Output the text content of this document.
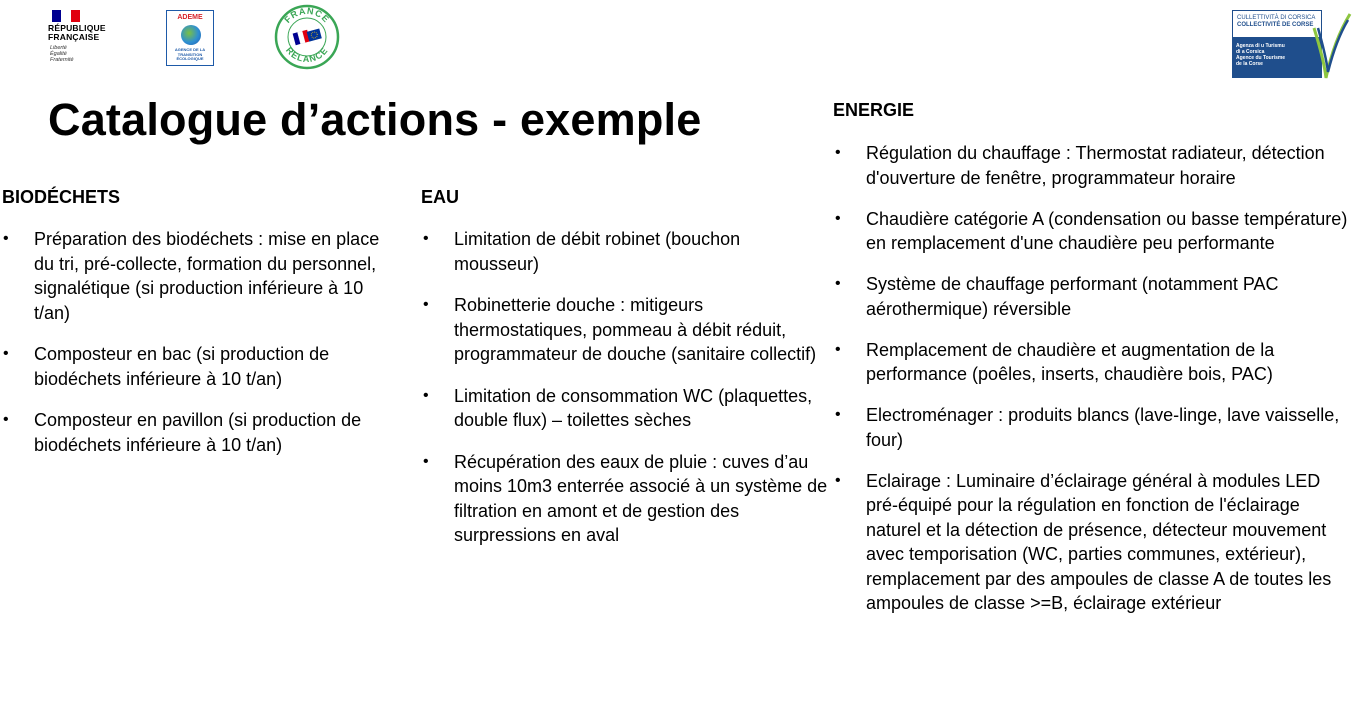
RÉPUBLIQUE
FRANÇAISE
Liberté
Égalité
Fraternité
ADEME
AGENCE DE LA TRANSITION ÉCOLOGIQUE
FRANCE
RELANCE
CULLETTIVITÀ DI CORSICA
COLLECTIVITÉ DE CORSE
Agenza di u Turismu
di a Corsica
Agence du Tourisme
de la Corse
Catalogue d’actions - exemple
BIODÉCHETS
• Préparation des biodéchets : mise en place du tri, pré-collecte, formation du personnel, signalétique (si production inférieure à 10 t/an)
• Composteur en bac (si production de biodéchets inférieure à 10 t/an)
• Composteur en pavillon (si production de biodéchets inférieure à 10 t/an)
EAU
• Limitation de débit robinet (bouchon mousseur)
• Robinetterie douche : mitigeurs thermostatiques, pommeau à débit réduit, programmateur de douche (sanitaire collectif)
• Limitation de consommation WC (plaquettes, double flux) – toilettes sèches
• Récupération des eaux de pluie : cuves d’au moins 10m3 enterrée associé à un système de filtration en amont et de gestion des surpressions en aval
ENERGIE
• Régulation du chauffage : Thermostat radiateur, détection d'ouverture de fenêtre, programmateur horaire
• Chaudière catégorie A (condensation ou basse température) en remplacement d'une chaudière peu performante
• Système de chauffage performant (notamment PAC aérothermique) réversible
• Remplacement de chaudière et augmentation de la performance (poêles, inserts, chaudière bois, PAC)
• Electroménager : produits blancs (lave-linge, lave vaisselle, four)
• Eclairage : Luminaire d’éclairage général à modules LED pré-équipé pour la régulation en fonction de l'éclairage naturel et la détection de présence, détecteur mouvement avec temporisation (WC, parties communes, extérieur), remplacement par des ampoules de classe A de toutes les ampoules de classe >=B, éclairage extérieur
